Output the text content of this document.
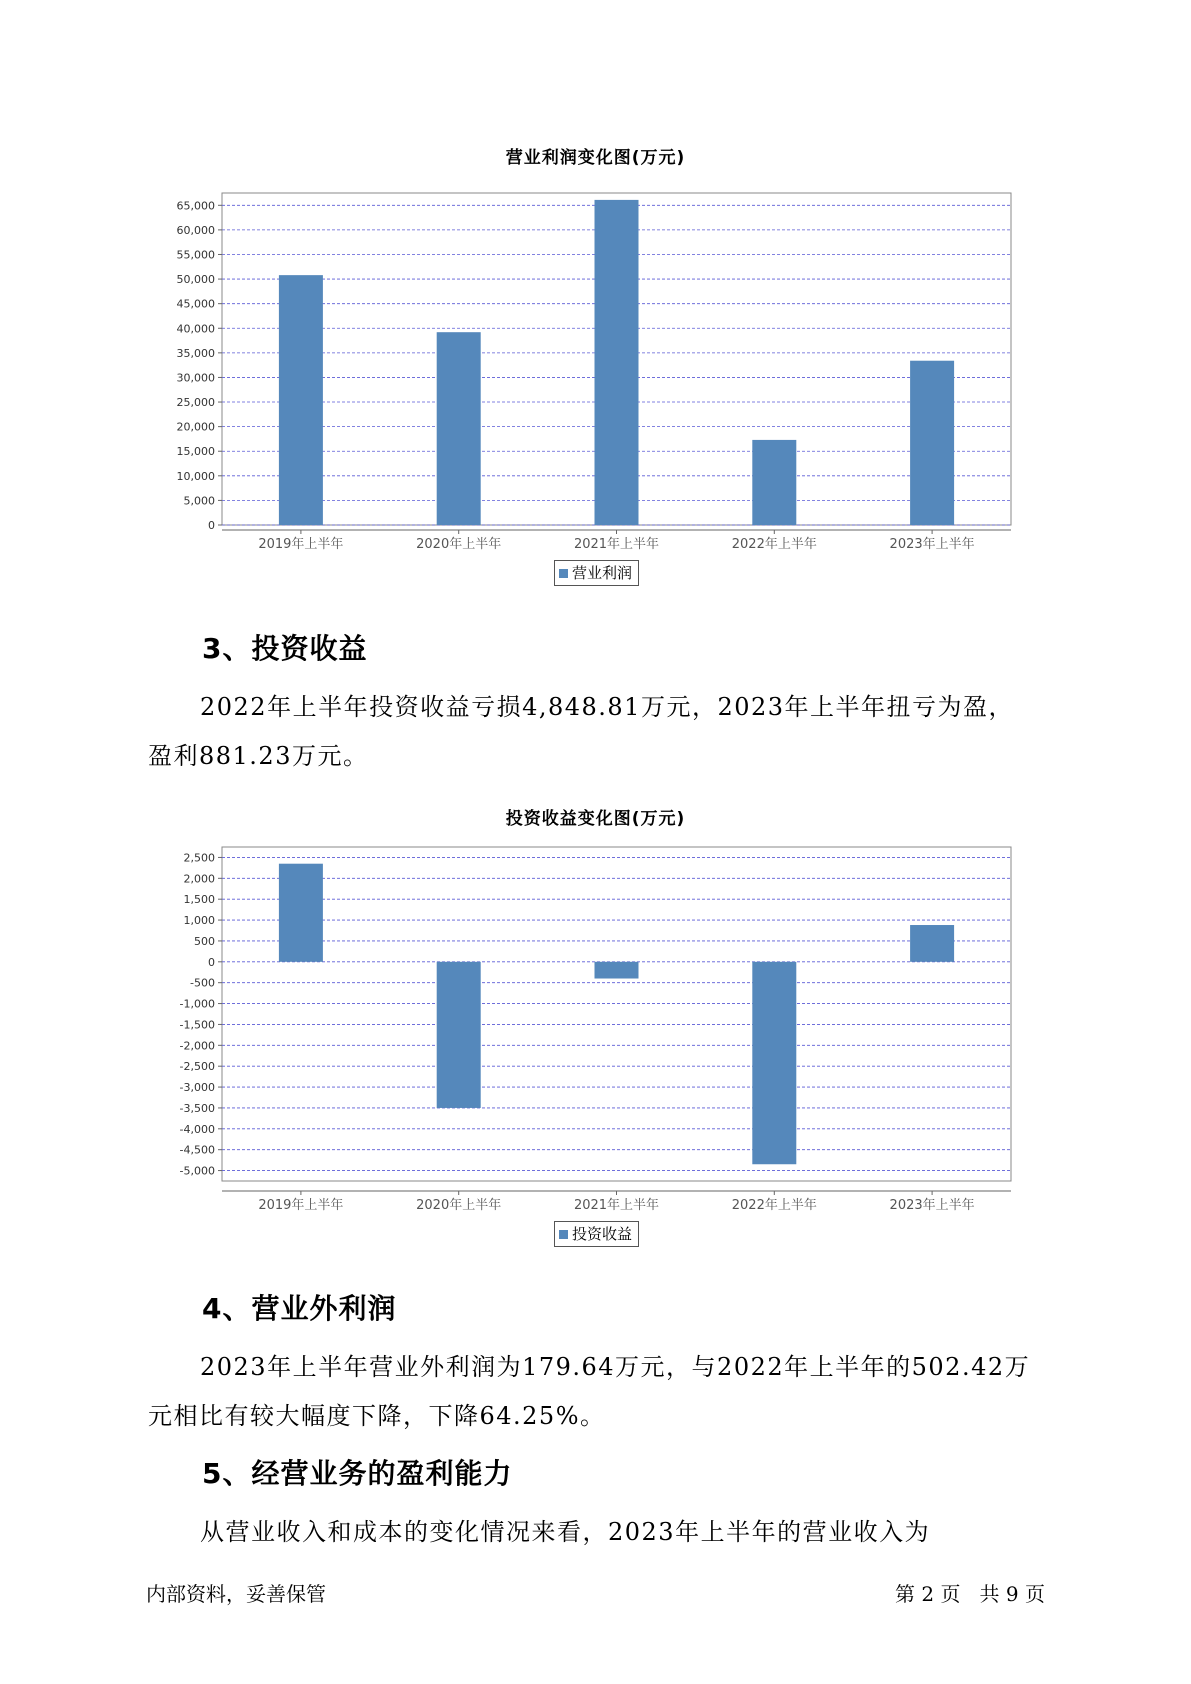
营业利润变化图(万元)
0
5,000
10,000
15,000
20,000
25,000
30,000
35,000
40,000
45,000
50,000
55,000
60,000
65,000
2019年上半年	2020年上半年	2021年上半年	2022年上半年	2023年上半年
营业利润
3、投资收益
2022年上半年投资收益亏损4,848.81万元，2023年上半年扭亏为盈，
盈利881.23万元。
投资收益变化图(万元)
2,500
2,000
1,500
1,000
500
0
-500
-1,000
-1,500
-2,000
-2,500
-3,000
-3,500
-4,000
-4,500
-5,000
2019年上半年	2020年上半年	2021年上半年	2022年上半年	2023年上半年
投资收益
4、营业外利润
2023年上半年营业外利润为179.64万元，与2022年上半年的502.42万
元相比有较大幅度下降，下降64.25%。
5、经营业务的盈利能力
从营业收入和成本的变化情况来看，2023年上半年的营业收入为
内部资料，妥善保管	第 2 页   共 9 页
